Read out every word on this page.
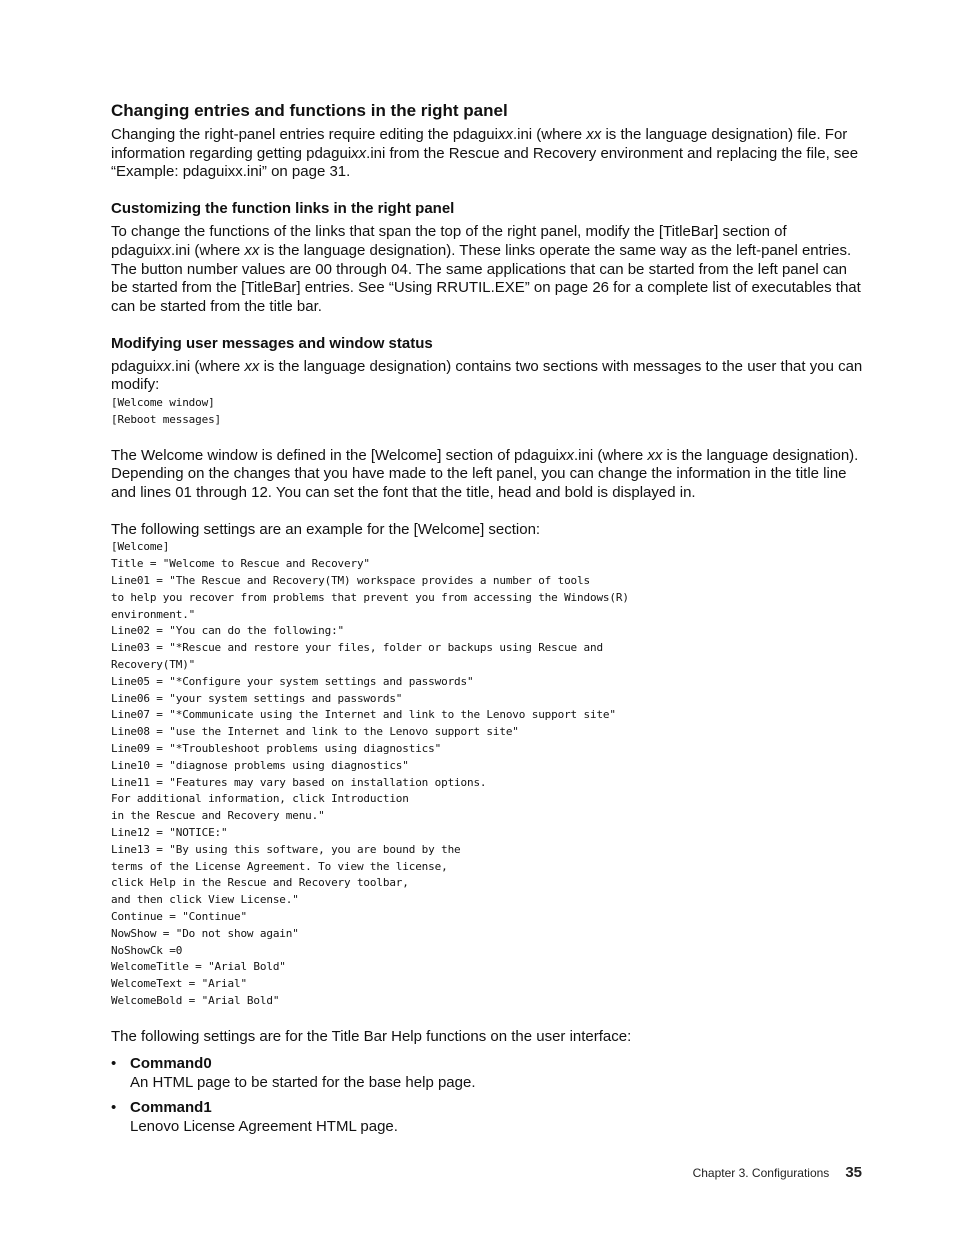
Changing entries and functions in the right panel

Changing the right-panel entries require editing the pdaguixx.ini (where xx is the language designation) file. For information regarding getting pdaguixx.ini from the Rescue and Recovery environment and replacing the file, see “Example: pdaguixx.ini” on page 31.

Customizing the function links in the right panel

To change the functions of the links that span the top of the right panel, modify the [TitleBar] section of pdaguixx.ini (where xx is the language designation). These links operate the same way as the left-panel entries. The button number values are 00 through 04. The same applications that can be started from the left panel can be started from the [TitleBar] entries. See “Using RRUTIL.EXE” on page 26 for a complete list of executables that can be started from the title bar.

Modifying user messages and window status

pdaguixx.ini (where xx is the language designation) contains two sections with messages to the user that you can modify:

[Welcome window]
[Reboot messages]

The Welcome window is defined in the [Welcome] section of pdaguixx.ini (where xx is the language designation). Depending on the changes that you have made to the left panel, you can change the information in the title line and lines 01 through 12. You can set the font that the title, head and bold is displayed in.

The following settings are an example for the [Welcome] section:

[Welcome]
Title = "Welcome to Rescue and Recovery"
Line01 = "The Rescue and Recovery(TM) workspace provides a number of tools
to help you recover from problems that prevent you from accessing the Windows(R)
environment."
Line02 = "You can do the following:"
Line03 = "*Rescue and restore your files, folder or backups using Rescue and
Recovery(TM)"
Line05 = "*Configure your system settings and passwords"
Line06 = "your system settings and passwords"
Line07 = "*Communicate using the Internet and link to the Lenovo support site"
Line08 = "use the Internet and link to the Lenovo support site"
Line09 = "*Troubleshoot problems using diagnostics"
Line10 = "diagnose problems using diagnostics"
Line11 = "Features may vary based on installation options.
For additional information, click Introduction
in the Rescue and Recovery menu."
Line12 = "NOTICE:"
Line13 = "By using this software, you are bound by the
terms of the License Agreement. To view the license,
click Help in the Rescue and Recovery toolbar,
and then click View License."
Continue = "Continue"
NowShow = "Do not show again"
NoShowCk =0
WelcomeTitle = "Arial Bold"
WelcomeText = "Arial"
WelcomeBold = "Arial Bold"

The following settings are for the Title Bar Help functions on the user interface:

• Command0
An HTML page to be started for the base help page.
• Command1
Lenovo License Agreement HTML page.
Chapter 3. Configurations 35
